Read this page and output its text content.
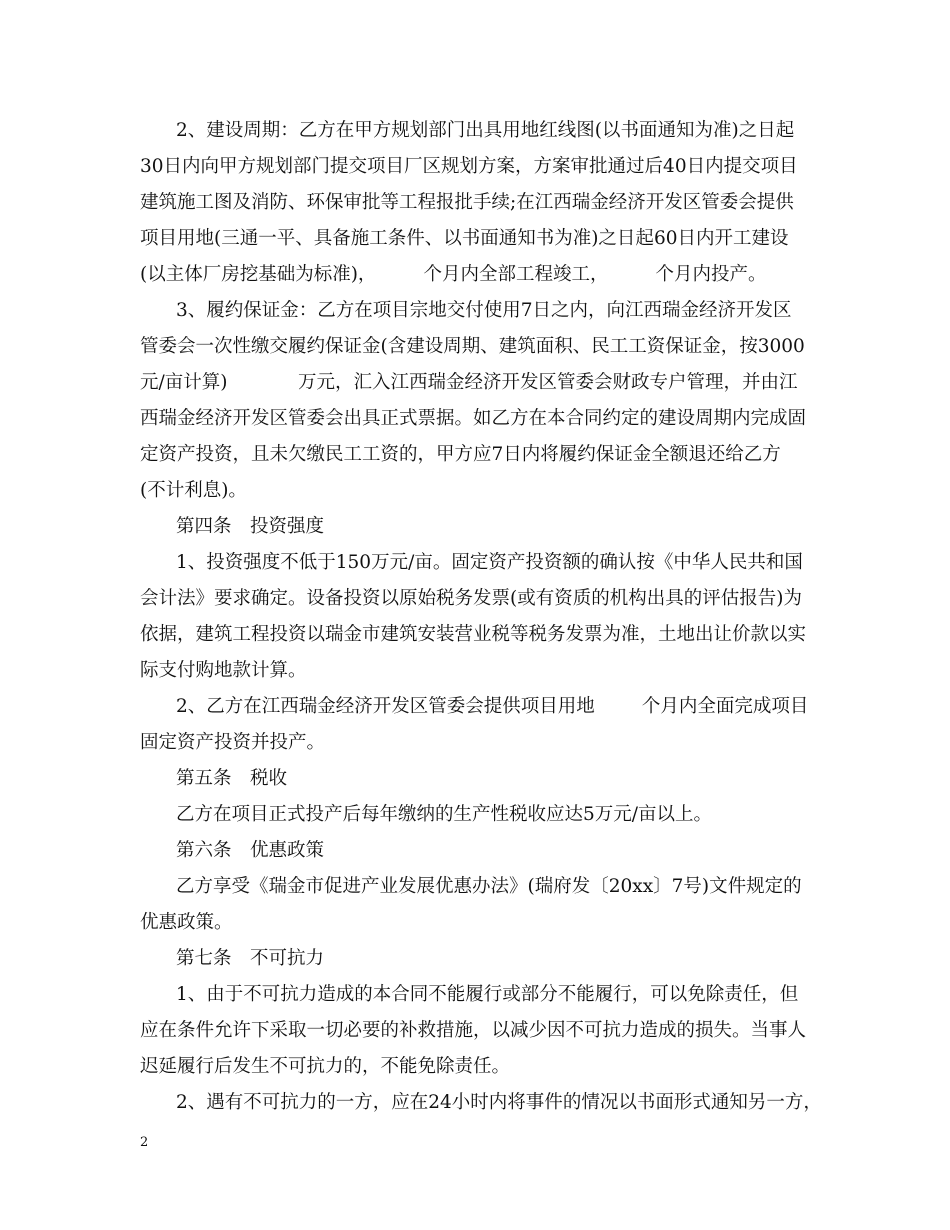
2、建设周期：乙方在甲方规划部门出具用地红线图(以书面通知为准)之日起
30日内向甲方规划部门提交项目厂区规划方案，方案审批通过后40日内提交项目
建筑施工图及消防、环保审批等工程报批手续;在江西瑞金经济开发区管委会提供
项目用地(三通一平、具备施工条件、以书面通知书为准)之日起60日内开工建设
(以主体厂房挖基础为标准)，        个月内全部工程竣工，        个月内投产。
3、履约保证金：乙方在项目宗地交付使用7日之内，向江西瑞金经济开发区
管委会一次性缴交履约保证金(含建设周期、建筑面积、民工工资保证金，按3000
元/亩计算)            万元，汇入江西瑞金经济开发区管委会财政专户管理，并由江
西瑞金经济开发区管委会出具正式票据。如乙方在本合同约定的建设周期内完成固
定资产投资，且未欠缴民工工资的，甲方应7日内将履约保证金全额退还给乙方
(不计利息)。
第四条　投资强度
1、投资强度不低于150万元/亩。固定资产投资额的确认按《中华人民共和国
会计法》要求确定。设备投资以原始税务发票(或有资质的机构出具的评估报告)为
依据，建筑工程投资以瑞金市建筑安装营业税等税务发票为准，土地出让价款以实
际支付购地款计算。
2、乙方在江西瑞金经济开发区管委会提供项目用地        个月内全面完成项目
固定资产投资并投产。
第五条　税收
乙方在项目正式投产后每年缴纳的生产性税收应达5万元/亩以上。
第六条　优惠政策
乙方享受《瑞金市促进产业发展优惠办法》(瑞府发〔20xx〕7号)文件规定的
优惠政策。
第七条　不可抗力
1、由于不可抗力造成的本合同不能履行或部分不能履行，可以免除责任，但
应在条件允许下采取一切必要的补救措施，以减少因不可抗力造成的损失。当事人
迟延履行后发生不可抗力的，不能免除责任。
2、遇有不可抗力的一方，应在24小时内将事件的情况以书面形式通知另一方，
2
